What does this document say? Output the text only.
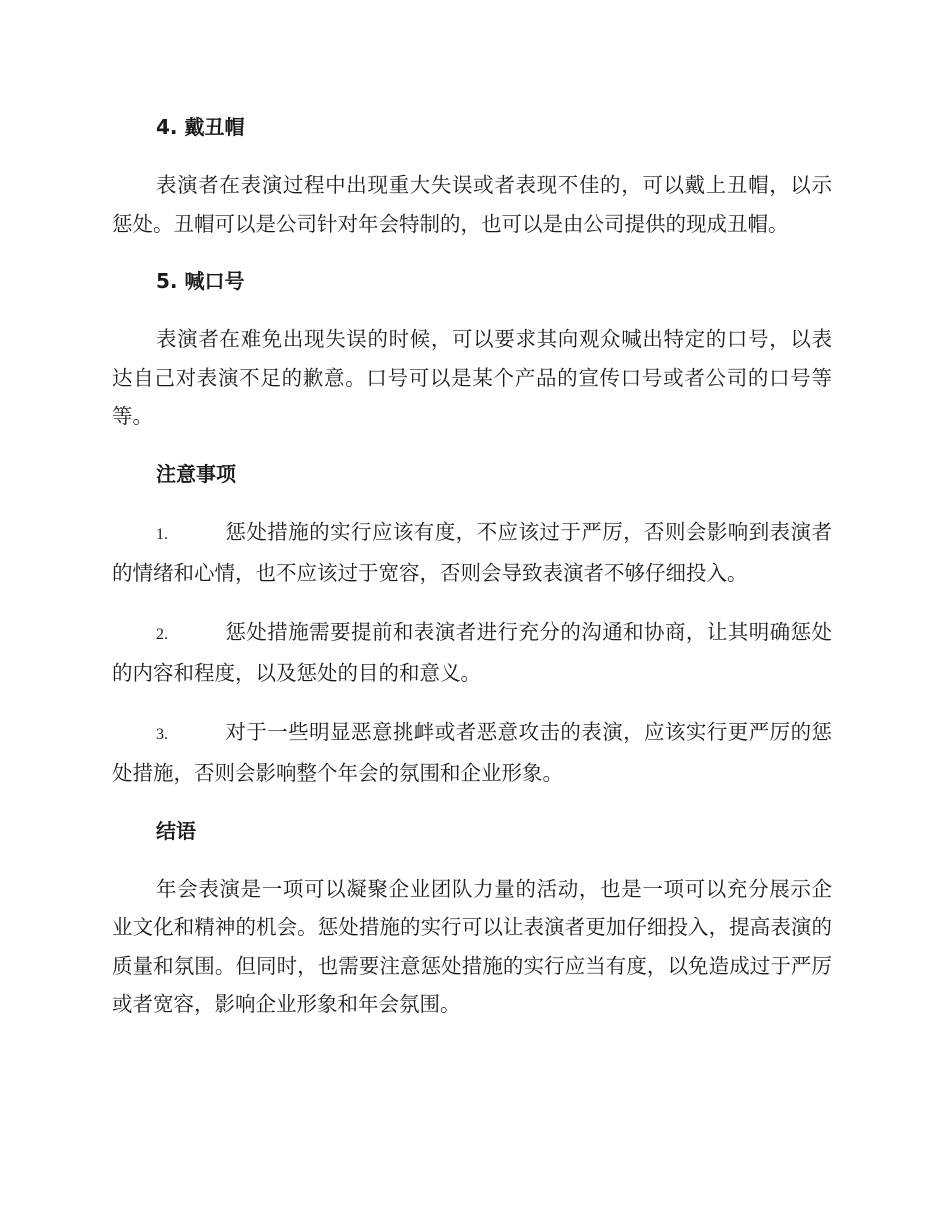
4. 戴丑帽

表演者在表演过程中出现重大失误或者表现不佳的，可以戴上丑帽，以示惩处。丑帽可以是公司针对年会特制的，也可以是由公司提供的现成丑帽。

5. 喊口号

表演者在难免出现失误的时候，可以要求其向观众喊出特定的口号，以表达自己对表演不足的歉意。口号可以是某个产品的宣传口号或者公司的口号等等。

注意事项

1.	惩处措施的实行应该有度，不应该过于严厉，否则会影响到表演者的情绪和心情，也不应该过于宽容，否则会导致表演者不够仔细投入。

2.	惩处措施需要提前和表演者进行充分的沟通和协商，让其明确惩处的内容和程度，以及惩处的目的和意义。

3.	对于一些明显恶意挑衅或者恶意攻击的表演，应该实行更严厉的惩处措施，否则会影响整个年会的氛围和企业形象。

结语

年会表演是一项可以凝聚企业团队力量的活动，也是一项可以充分展示企业文化和精神的机会。惩处措施的实行可以让表演者更加仔细投入，提高表演的质量和氛围。但同时，也需要注意惩处措施的实行应当有度，以免造成过于严厉或者宽容，影响企业形象和年会氛围。
